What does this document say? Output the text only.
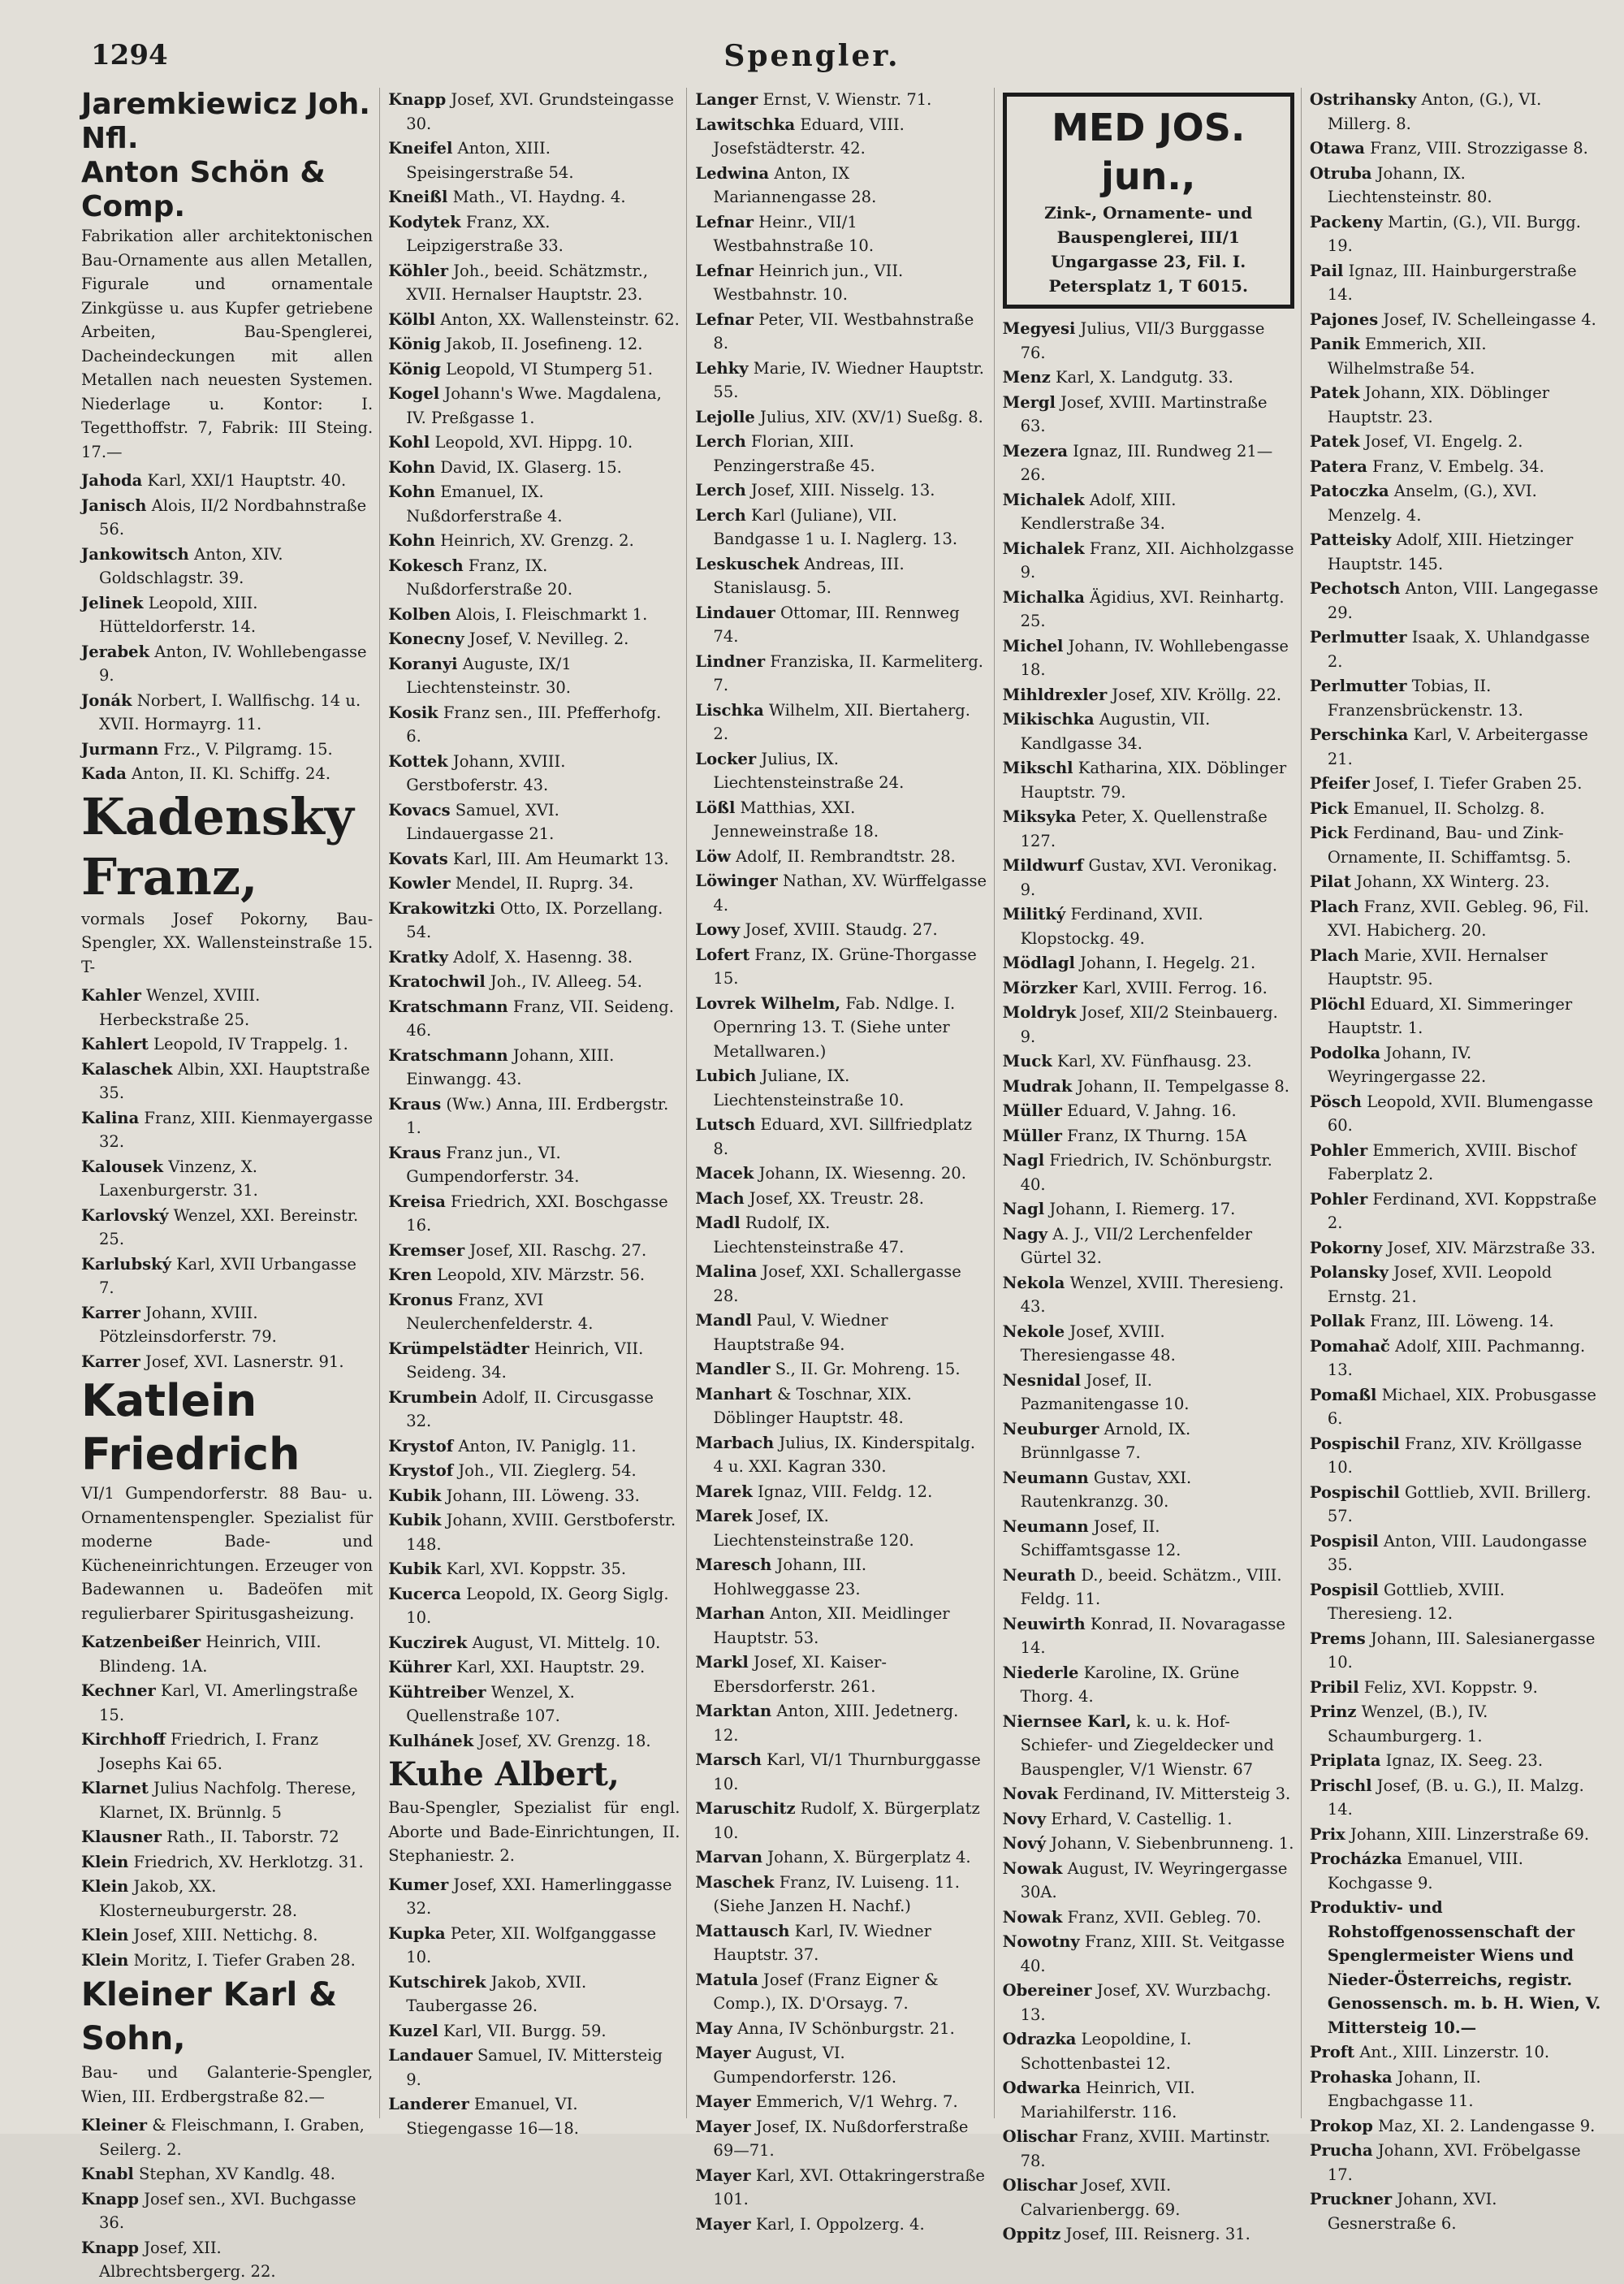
1294	Spengler.
Jaremkiewicz Joh. Nfl.
Anton Schön & Comp.
Fabrikation aller architektonischen Bau-Ornamente aus allen Metallen, Figurale und ornamentale Zinkgüsse u. aus Kupfer getriebene Arbeiten, Bau-Spenglerei, Dacheindeckungen mit allen Metallen nach neuesten Systemen. Niederlage u. Kontor: I. Tegetthoffstr. 7, Fabrik: III Steing. 17.—
Jahoda Karl, XXI/1 Hauptstr. 40.
Janisch Alois, II/2 Nordbahnstraße 56.
Jankowitsch Anton, XIV. Goldschlagstr. 39.
Jelinek Leopold, XIII. Hütteldorferstr. 14.
Jerabek Anton, IV. Wohllebengasse 9.
Jonák Norbert, I. Wallfischg. 14 u. XVII. Hormayrg. 11.
Jurmann Frz., V. Pilgramg. 15.
Kada Anton, II. Kl. Schiffg. 24.
Kadensky Franz,
vormals Josef Pokorny, Bau-Spengler, XX. Wallensteinstraße 15. T-
Kahler Wenzel, XVIII. Herbeckstraße 25.
Kahlert Leopold, IV Trappelg. 1.
Kalaschek Albin, XXI. Hauptstraße 35.
Kalina Franz, XIII. Kienmayergasse 32.
Kalousek Vinzenz, X. Laxenburgerstr. 31.
Karlovský Wenzel, XXI. Bereinstr. 25.
Karlubský Karl, XVII Urbangasse 7.
Karrer Johann, XVIII. Pötzleinsdorferstr. 79.
Karrer Josef, XVI. Lasnerstr. 91.
Katlein Friedrich
VI/1 Gumpendorferstr. 88 Bau- u. Ornamentenspengler. Spezialist für moderne Bade- und Kücheneinrichtungen. Erzeuger von Badewannen u. Badeöfen mit regulierbarer Spiritusgasheizung.
Katzenbeißer Heinrich, VIII. Blindeng. 1A.
Kechner Karl, VI. Amerlingstraße 15.
Kirchhoff Friedrich, I. Franz Josephs Kai 65.
Klarnet Julius Nachfolg. Therese, Klarnet, IX. Brünnlg. 5
Klausner Rath., II. Taborstr. 72
Klein Friedrich, XV. Herklotzg. 31.
Klein Jakob, XX. Klosterneuburgerstr. 28.
Klein Josef, XIII. Nettichg. 8.
Klein Moritz, I. Tiefer Graben 28.
Kleiner Karl & Sohn,
Bau- und Galanterie-Spengler, Wien, III. Erdbergstraße 82.—
Kleiner & Fleischmann, I. Graben, Seilerg. 2.
Knabl Stephan, XV Kandlg. 48.
Knapp Josef sen., XVI. Buchgasse 36.
Knapp Josef, XII. Albrechtsbergerg. 22.
Knapp Josef, XVI. Grundsteingasse 30.
Kneifel Anton, XIII. Speisingerstraße 54.
Kneißl Math., VI. Haydng. 4.
Kodytek Franz, XX. Leipzigerstraße 33.
Köhler Joh., beeid. Schätzmstr., XVII. Hernalser Hauptstr. 23.
Kölbl Anton, XX. Wallensteinstr. 62.
König Jakob, II. Josefineng. 12.
König Leopold, VI Stumperg 51.
Kogel Johann's Wwe. Magdalena, IV. Preßgasse 1.
Kohl Leopold, XVI. Hippg. 10.
Kohn David, IX. Glaserg. 15.
Kohn Emanuel, IX. Nußdorferstraße 4.
Kohn Heinrich, XV. Grenzg. 2.
Kokesch Franz, IX. Nußdorferstraße 20.
Kolben Alois, I. Fleischmarkt 1.
Konecny Josef, V. Nevilleg. 2.
Koranyi Auguste, IX/1 Liechtensteinstr. 30.
Kosik Franz sen., III. Pfefferhofg. 6.
Kottek Johann, XVIII. Gerstboferstr. 43.
Kovacs Samuel, XVI. Lindauergasse 21.
Kovats Karl, III. Am Heumarkt 13.
Kowler Mendel, II. Ruprg. 34.
Krakowitzki Otto, IX. Porzellang. 54.
Kratky Adolf, X. Hasenng. 38.
Kratochwil Joh., IV. Alleeg. 54.
Kratschmann Franz, VII. Seideng. 46.
Kratschmann Johann, XIII. Einwangg. 43.
Kraus (Ww.) Anna, III. Erdbergstr. 1.
Kraus Franz jun., VI. Gumpendorferstr. 34.
Kreisa Friedrich, XXI. Boschgasse 16.
Kremser Josef, XII. Raschg. 27.
Kren Leopold, XIV. Märzstr. 56.
Kronus Franz, XVI Neulerchenfelderstr. 4.
Krümpelstädter Heinrich, VII. Seideng. 34.
Krumbein Adolf, II. Circusgasse 32.
Krystof Anton, IV. Paniglg. 11.
Krystof Joh., VII. Zieglerg. 54.
Kubik Johann, III. Löweng. 33.
Kubik Johann, XVIII. Gerstboferstr. 148.
Kubik Karl, XVI. Koppstr. 35.
Kucerca Leopold, IX. Georg Siglg. 10.
Kuczirek August, VI. Mittelg. 10.
Kührer Karl, XXI. Hauptstr. 29.
Kühtreiber Wenzel, X. Quellenstraße 107.
Kulhánek Josef, XV. Grenzg. 18.
Kuhe Albert,
Bau-Spengler, Spezialist für engl. Aborte und Bade-Einrichtungen, II. Stephaniestr. 2.
Kumer Josef, XXI. Hamerlinggasse 32.
Kupka Peter, XII. Wolfganggasse 10.
Kutschirek Jakob, XVII. Taubergasse 26.
Kuzel Karl, VII. Burgg. 59.
Landauer Samuel, IV. Mittersteig 9.
Landerer Emanuel, VI. Stiegengasse 16—18.
Langer Ernst, V. Wienstr. 71.
Lawitschka Eduard, VIII. Josefstädterstr. 42.
Ledwina Anton, IX Mariannengasse 28.
Lefnar Heinr., VII/1 Westbahnstraße 10.
Lefnar Heinrich jun., VII. Westbahnstr. 10.
Lefnar Peter, VII. Westbahnstraße 8.
Lehky Marie, IV. Wiedner Hauptstr. 55.
Lejolle Julius, XIV. (XV/1) Sueßg. 8.
Lerch Florian, XIII. Penzingerstraße 45.
Lerch Josef, XIII. Nisselg. 13.
Lerch Karl (Juliane), VII. Bandgasse 1 u. I. Naglerg. 13.
Leskuschek Andreas, III. Stanislausg. 5.
Lindauer Ottomar, III. Rennweg 74.
Lindner Franziska, II. Karmeliterg. 7.
Lischka Wilhelm, XII. Biertaherg. 2.
Locker Julius, IX. Liechtensteinstraße 24.
Lößl Matthias, XXI. Jenneweinstraße 18.
Löw Adolf, II. Rembrandtstr. 28.
Löwinger Nathan, XV. Würffelgasse 4.
Lowy Josef, XVIII. Staudg. 27.
Lofert Franz, IX. Grüne-Thorgasse 15.
Lovrek Wilhelm, Fab. Ndlge. I. Opernring 13. T. (Siehe unter Metallwaren.)
Lubich Juliane, IX. Liechtensteinstraße 10.
Lutsch Eduard, XVI. Sillfriedplatz 8.
Macek Johann, IX. Wiesenng. 20.
Mach Josef, XX. Treustr. 28.
Madl Rudolf, IX. Liechtensteinstraße 47.
Malina Josef, XXI. Schallergasse 28.
Mandl Paul, V. Wiedner Hauptstraße 94.
Mandler S., II. Gr. Mohreng. 15.
Manhart & Toschnar, XIX. Döblinger Hauptstr. 48.
Marbach Julius, IX. Kinderspitalg. 4 u. XXI. Kagran 330.
Marek Ignaz, VIII. Feldg. 12.
Marek Josef, IX. Liechtensteinstraße 120.
Maresch Johann, III. Hohlweggasse 23.
Marhan Anton, XII. Meidlinger Hauptstr. 53.
Markl Josef, XI. Kaiser-Ebersdorferstr. 261.
Marktan Anton, XIII. Jedetnerg. 12.
Marsch Karl, VI/1 Thurnburggasse 10.
Maruschitz Rudolf, X. Bürgerplatz 10.
Marvan Johann, X. Bürgerplatz 4.
Maschek Franz, IV. Luiseng. 11. (Siehe Janzen H. Nachf.)
Mattausch Karl, IV. Wiedner Hauptstr. 37.
Matula Josef (Franz Eigner & Comp.), IX. D'Orsayg. 7.
May Anna, IV Schönburgstr. 21.
Mayer August, VI. Gumpendorferstr. 126.
Mayer Emmerich, V/1 Wehrg. 7.
Mayer Josef, IX. Nußdorferstraße 69—71.
Mayer Karl, XVI. Ottakringerstraße 101.
Mayer Karl, I. Oppolzerg. 4.
MED JOS. jun.,
Zink-, Ornamente- und Bauspenglerei, III/1 Ungargasse 23, Fil. I. Petersplatz 1, T 6015.
Megyesi Julius, VII/3 Burggasse 76.
Menz Karl, X. Landgutg. 33.
Mergl Josef, XVIII. Martinstraße 63.
Mezera Ignaz, III. Rundweg 21—26.
Michalek Adolf, XIII. Kendlerstraße 34.
Michalek Franz, XII. Aichholzgasse 9.
Michalka Ägidius, XVI. Reinhartg. 25.
Michel Johann, IV. Wohllebengasse 18.
Mihldrexler Josef, XIV. Kröllg. 22.
Mikischka Augustin, VII. Kandlgasse 34.
Mikschl Katharina, XIX. Döblinger Hauptstr. 79.
Miksyka Peter, X. Quellenstraße 127.
Mildwurf Gustav, XVI. Veronikag. 9.
Militký Ferdinand, XVII. Klopstockg. 49.
Mödlagl Johann, I. Hegelg. 21.
Mörzker Karl, XVIII. Ferrog. 16.
Moldryk Josef, XII/2 Steinbauerg. 9.
Muck Karl, XV. Fünfhausg. 23.
Mudrak Johann, II. Tempelgasse 8.
Müller Eduard, V. Jahng. 16.
Müller Franz, IX Thurng. 15A
Nagl Friedrich, IV. Schönburgstr. 40.
Nagl Johann, I. Riemerg. 17.
Nagy A. J., VII/2 Lerchenfelder Gürtel 32.
Nekola Wenzel, XVIII. Theresieng. 43.
Nekole Josef, XVIII. Theresiengasse 48.
Nesnidal Josef, II. Pazmanitengasse 10.
Neuburger Arnold, IX. Brünnlgasse 7.
Neumann Gustav, XXI. Rautenkranzg. 30.
Neumann Josef, II. Schiffamtsgasse 12.
Neurath D., beeid. Schätzm., VIII. Feldg. 11.
Neuwirth Konrad, II. Novaragasse 14.
Niederle Karoline, IX. Grüne Thorg. 4.
Niernsee Karl, k. u. k. Hof-Schiefer- und Ziegeldecker und Bauspengler, V/1 Wienstr. 67
Novak Ferdinand, IV. Mittersteig 3.
Novy Erhard, V. Castellig. 1.
Nový Johann, V. Siebenbrunneng. 1.
Nowak August, IV. Weyringergasse 30A.
Nowak Franz, XVII. Gebleg. 70.
Nowotny Franz, XIII. St. Veitgasse 40.
Obereiner Josef, XV. Wurzbachg. 13.
Odrazka Leopoldine, I. Schottenbastei 12.
Odwarka Heinrich, VII. Mariahilferstr. 116.
Olischar Franz, XVIII. Martinstr. 78.
Olischar Josef, XVII. Calvarienbergg. 69.
Oppitz Josef, III. Reisnerg. 31.
Ostrihansky Anton, (G.), VI. Millerg. 8.
Otawa Franz, VIII. Strozzigasse 8.
Otruba Johann, IX. Liechtensteinstr. 80.
Packeny Martin, (G.), VII. Burgg. 19.
Pail Ignaz, III. Hainburgerstraße 14.
Pajones Josef, IV. Schelleingasse 4.
Panik Emmerich, XII. Wilhelmstraße 54.
Patek Johann, XIX. Döblinger Hauptstr. 23.
Patek Josef, VI. Engelg. 2.
Patera Franz, V. Embelg. 34.
Patoczka Anselm, (G.), XVI. Menzelg. 4.
Patteisky Adolf, XIII. Hietzinger Hauptstr. 145.
Pechotsch Anton, VIII. Langegasse 29.
Perlmutter Isaak, X. Uhlandgasse 2.
Perlmutter Tobias, II. Franzensbrückenstr. 13.
Perschinka Karl, V. Arbeitergasse 21.
Pfeifer Josef, I. Tiefer Graben 25.
Pick Emanuel, II. Scholzg. 8.
Pick Ferdinand, Bau- und Zink-Ornamente, II. Schiffamtsg. 5.
Pilat Johann, XX Winterg. 23.
Plach Franz, XVII. Gebleg. 96, Fil. XVI. Habicherg. 20.
Plach Marie, XVII. Hernalser Hauptstr. 95.
Plöchl Eduard, XI. Simmeringer Hauptstr. 1.
Podolka Johann, IV. Weyringergasse 22.
Pösch Leopold, XVII. Blumengasse 60.
Pohler Emmerich, XVIII. Bischof Faberplatz 2.
Pohler Ferdinand, XVI. Koppstraße 2.
Pokorny Josef, XIV. Märzstraße 33.
Polansky Josef, XVII. Leopold Ernstg. 21.
Pollak Franz, III. Löweng. 14.
Pomahač Adolf, XIII. Pachmanng. 13.
Pomaßl Michael, XIX. Probusgasse 6.
Pospischil Franz, XIV. Kröllgasse 10.
Pospischil Gottlieb, XVII. Brillerg. 57.
Pospisil Anton, VIII. Laudongasse 35.
Pospisil Gottlieb, XVIII. Theresieng. 12.
Prems Johann, III. Salesianergasse 10.
Pribil Feliz, XVI. Koppstr. 9.
Prinz Wenzel, (B.), IV. Schaumburgerg. 1.
Priplata Ignaz, IX. Seeg. 23.
Prischl Josef, (B. u. G.), II. Malzg. 14.
Prix Johann, XIII. Linzerstraße 69.
Procházka Emanuel, VIII. Kochgasse 9.
Produktiv- und Rohstoffgenossenschaft der Spenglermeister Wiens und Nieder-Österreichs, registr. Genossensch. m. b. H. Wien, V. Mittersteig 10.—
Proft Ant., XIII. Linzerstr. 10.
Prohaska Johann, II. Engbachgasse 11.
Prokop Maz, XI. 2. Landengasse 9.
Prucha Johann, XVI. Fröbelgasse 17.
Pruckner Johann, XVI. Gesnerstraße 6.
